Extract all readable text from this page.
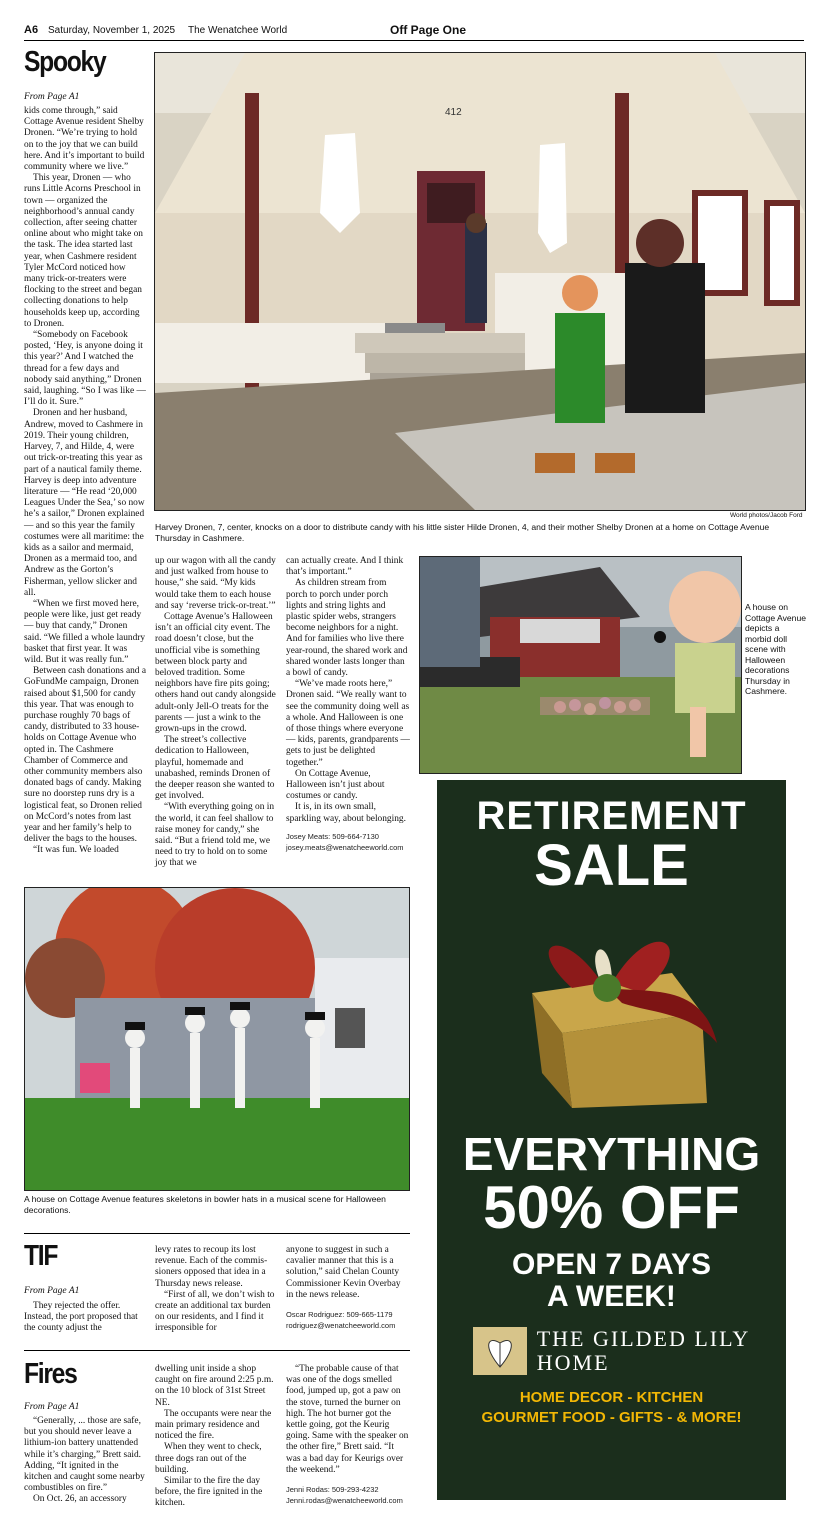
A6 Saturday, November 1, 2025 The Wenatchee World	Off Page One
Spooky
From Page A1

kids come through,” said Cottage Avenue resident Shelby Dronen. “We’re trying to hold on to the joy that we can build here. And it’s important to build community where we live.”

This year, Dronen — who runs Little Acorns Preschool in town — organized the neighborhood’s annual candy collection, after seeing chatter online about who might take on the task. The idea started last year, when Cashmere resident Tyler McCord noticed how many trick-or-treaters were flocking to the street and began collecting donations to help households keep up, according to Dronen.

“Somebody on Facebook posted, ‘Hey, is anyone doing it this year?’ And I watched the thread for a few days and nobody said anything,” Dronen said, laughing. “So I was like — I’ll do it. Sure.”

Dronen and her husband, Andrew, moved to Cashmere in 2019. Their young children, Harvey, 7, and Hilde, 4, were out trick-or-treating this year as part of a nautical family theme. Harvey is deep into adventure literature — “He read ‘20,000 Leagues Under the Sea,’ so now he’s a sailor,” Dronen explained — and so this year the family costumes were all maritime: the kids as a sailor and mermaid, Dronen as a mermaid too, and Andrew as the Gorton’s Fisherman, yellow slicker and all.

“When we first moved here, people were like, just get ready — buy that candy,” Dronen said. “We filled a whole laundry basket that first year. It was wild. But it was really fun.”

Between cash donations and a GoFundMe campaign, Dronen raised about $1,500 for candy this year. That was enough to purchase roughly 70 bags of candy, distributed to 33 house-holds on Cottage Avenue who opted in. The Cashmere Chamber of Commerce and other community members also donated bags of candy. Making sure no doorstep runs dry is a logistical feat, so Dronen relied on McCord’s notes from last year and her family’s help to deliver the bags to the houses.

“It was fun. We loaded

412
World photos/Jacob Ford
Harvey Dronen, 7, center, knocks on a door to distribute candy with his little sister Hilde Dronen, 4, and their mother Shelby Dronen at a home on Cottage Avenue Thursday in Cashmere.

up our wagon with all the candy and just walked from house to house,” she said. “My kids would take them to each house and say ‘reverse trick-or-treat.’”

Cottage Avenue’s Halloween isn’t an official city event. The road doesn’t close, but the unofficial vibe is something between block party and beloved tradition. Some neighbors have fire pits going; others hand out candy alongside adult-only Jell-O treats for the parents — just a wink to the grown-ups in the crowd.

The street’s collective dedication to Halloween, playful, homemade and unabashed, reminds Dronen of the deeper reason she wanted to get involved.

“With everything going on in the world, it can feel shallow to raise money for candy,” she said. “But a friend told me, we need to try to hold on to some joy that we

can actually create. And I think that’s important.”

As children stream from porch to porch under porch lights and string lights and plastic spider webs, strangers become neighbors for a night. And for families who live there year-round, the shared work and shared wonder lasts longer than a bowl of candy.

“We’ve made roots here,” Dronen said. “We really want to see the community doing well as a whole. And Halloween is one of those things where everyone — kids, parents, grandparents — gets to just be delighted together.”

On Cottage Avenue, Halloween isn’t just about costumes or candy.

It is, in its own small, sparkling way, about belonging.

Josey Meats: 509-664-7130
josey.meats@wenatcheeworld.com
A house on Cottage Avenue depicts a morbid doll scene with Halloween decorations Thursday in Cashmere.
A house on Cottage Avenue features skeletons in bowler hats in a musical scene for Halloween decorations.
TIF
From Page A1

They rejected the offer. Instead, the port proposed that the county adjust the

levy rates to recoup its lost revenue. Each of the commis-sioners opposed that idea in a Thursday news release.

“First of all, we don’t wish to create an additional tax burden on our residents, and I find it irresponsible for

anyone to suggest in such a cavalier manner that this is a solution,” said Chelan County Commissioner Kevin Overbay in the news release.

Oscar Rodriguez: 509-665-1179
rodriguez@wenatcheeworld.com
Fires
From Page A1

“Generally, ... those are safe, but you should never leave a lithium-ion battery unattended while it’s charging,” Brett said. Adding, “It ignited in the kitchen and caught some nearby combustibles on fire.”

On Oct. 26, an accessory

dwelling unit inside a shop caught on fire around 2:25 p.m. on the 10 block of 31st Street NE.

The occupants were near the main primary residence and noticed the fire.

When they went to check, three dogs ran out of the building.

Similar to the fire the day before, the fire ignited in the kitchen.

“The probable cause of that was one of the dogs smelled food, jumped up, got a paw on the stove, turned the burner on high. The hot burner got the kettle going, got the Keurig going. Same with the speaker on the other fire,” Brett said. “It was a bad day for Keurigs over the weekend.”

Jenni Rodas: 509-293-4232
Jenni.rodas@wenatcheeworld.com
RETIREMENT
SALE
EVERYTHING
50% OFF
OPEN 7 DAYS
A WEEK!
THE GILDED LILY
HOME
HOME DECOR - KITCHEN
GOURMET FOOD - GIFTS - & MORE!
